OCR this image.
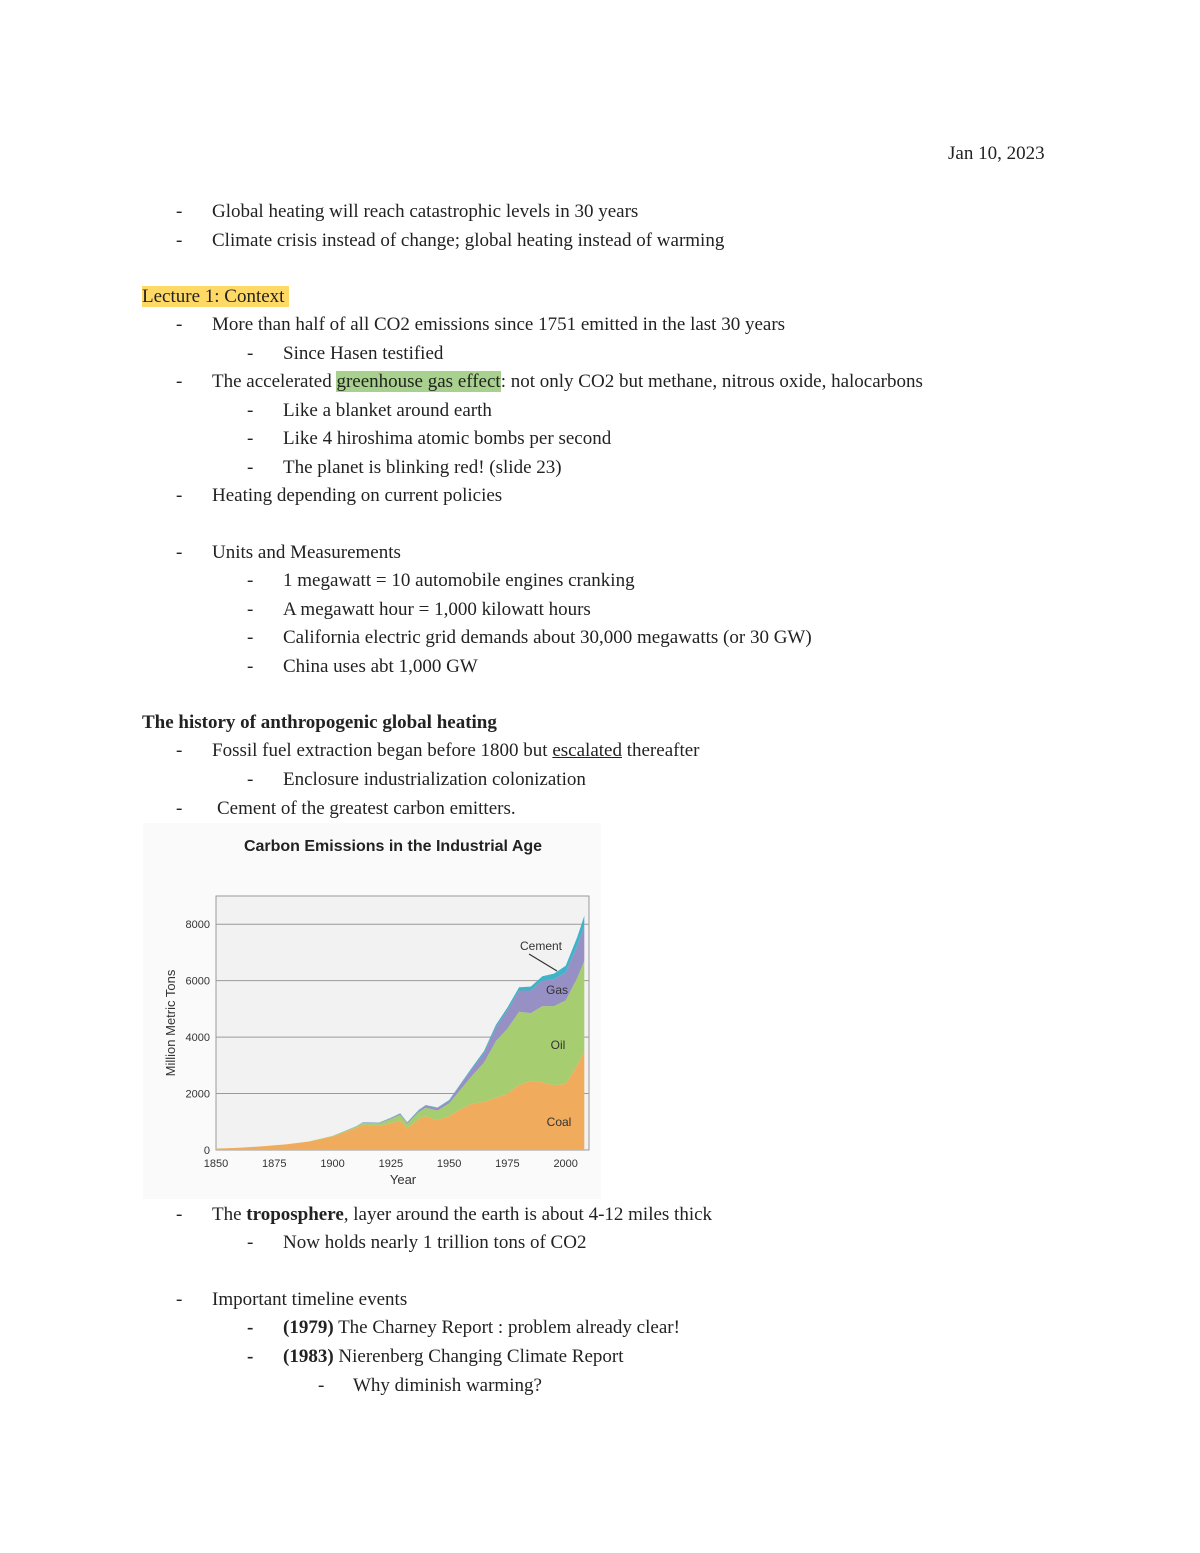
Jan 10, 2023
- Global heating will reach catastrophic levels in 30 years
- Climate crisis instead of change; global heating instead of warming
Lecture 1: Context
- More than half of all CO2 emissions since 1751 emitted in the last 30 years
- Since Hasen testified
- The accelerated greenhouse gas effect: not only CO2 but methane, nitrous oxide, halocarbons
- Like a blanket around earth
- Like 4 hiroshima atomic bombs per second
- The planet is blinking red! (slide 23)
- Heating depending on current policies
- Units and Measurements
- 1 megawatt = 10 automobile engines cranking
- A megawatt hour = 1,000 kilowatt hours
- California electric grid demands about 30,000 megawatts (or 30 GW)
- China uses abt 1,000 GW
The history of anthropogenic global heating
- Fossil fuel extraction began before 1800 but escalated thereafter
- Enclosure industrialization colonization
- Cement of the greatest carbon emitters.
Carbon Emissions in the Industrial Age
0
2000
4000
6000
8000
1850	1875	1900	1925	1950	1975	2000
Year
Million Metric Tons
Cement
Gas
Oil
Coal
- The troposphere, layer around the earth is about 4-12 miles thick
- Now holds nearly 1 trillion tons of CO2
- Important timeline events
- (1979) The Charney Report : problem already clear!
- (1983) Nierenberg Changing Climate Report
- Why diminish warming?
